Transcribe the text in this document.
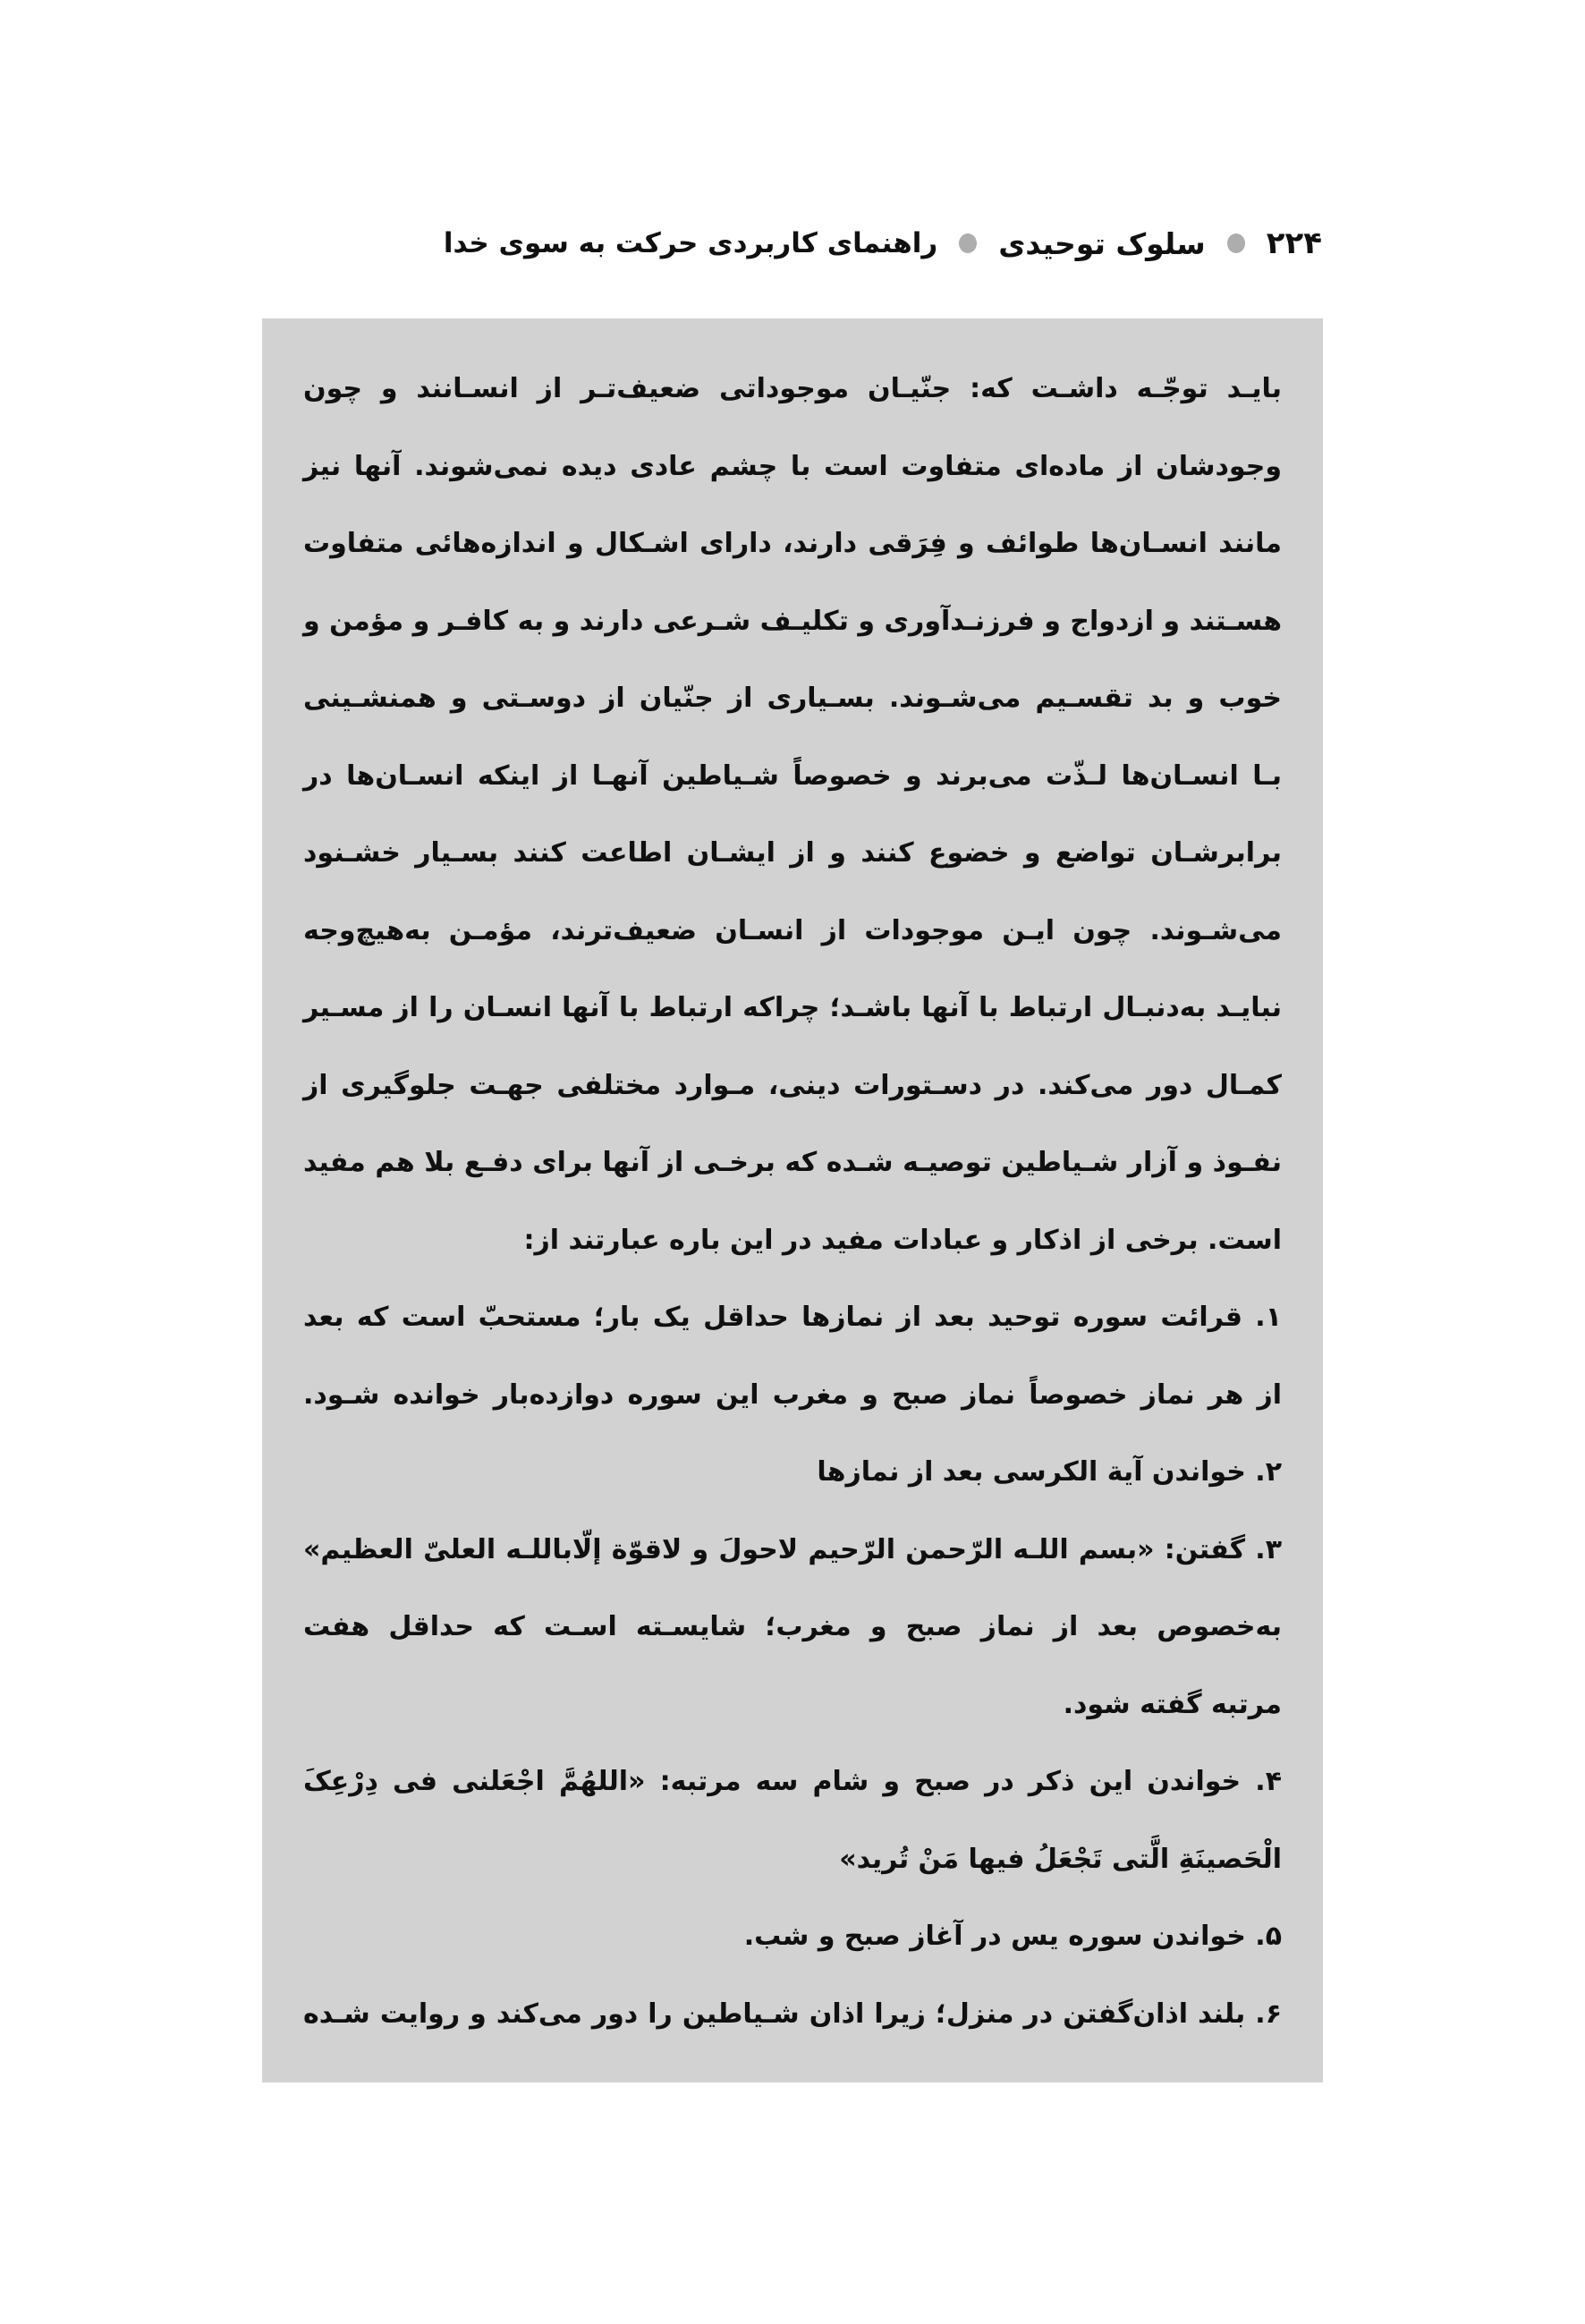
۲۲۴
سلوک توحیدی
راهنمای کاربردی حرکت به سوی خدا
بایـد توجّـه داشـت که: جنّیـان موجوداتی ضعیف‌تـر از انسـانند و چون
وجودشان از ماده‌ای متفاوت است با چشم عادی دیده نمی‌شوند. آنها نیز
مانند انسـان‌ها طوائف و فِرَقی دارند، دارای اشـکال و اندازه‌هائی متفاوت
هسـتند و ازدواج و فرزنـدآوری و تکلیـف شـرعی دارند و به کافـر و مؤمن و
خوب و بد تقسـیم می‌شـوند. بسـیاری از جنّیان از دوسـتی و همنشـینی
بـا انسـان‌ها لـذّت می‌برند و خصوصاً شـیاطین آنهـا از اینکه انسـان‌ها در
برابرشـان تواضع و خضوع کنند و از ایشـان اطاعت کنند بسـیار خشـنود
می‌شـوند. چون ایـن موجودات از انسـان ضعیف‌ترند، مؤمـن به‌هیچ‌وجه
نبایـد به‌دنبـال ارتباط با آنها باشـد؛ چراکه ارتباط با آنها انسـان را از مسـیر
کمـال دور می‌کند. در دسـتورات دینی، مـوارد مختلفی جهـت جلوگیری از
نفـوذ و آزار شـیاطین توصیـه شـده که برخـی از آنها برای دفـع بلا هم مفید
است. برخی از اذکار و عبادات مفید در این باره عبارتند از:
۱. قرائت سوره توحید بعد از نمازها حداقل یک بار؛ مستحبّ است که بعد
از هر نماز خصوصاً نماز صبح و مغرب این سوره دوازده‌بار خوانده شـود.
۲. خواندن آیة الکرسی بعد از نمازها
۳. گفتن: «بسم اللـه الرّحمن الرّحیم لاحولَ و لاقوّة إلّاباللـه العلیّ العظیم»
به‌خصوص بعد از نماز صبح و مغرب؛ شایسـته اسـت که حداقل هفت
مرتبه گفته شود.
۴. خواندن این ذکر در صبح و شام سه مرتبه: «اللهُمَّ اجْعَلنی فی دِرْعِکَ
الْحَصینَةِ الَّتی تَجْعَلُ فیها مَنْ تُرید»
۵. خواندن سوره یس در آغاز صبح و شب.
۶. بلند اذان‌گفتن در منزل؛ زیرا اذان شـیاطین را دور می‌کند و روایت شـده
